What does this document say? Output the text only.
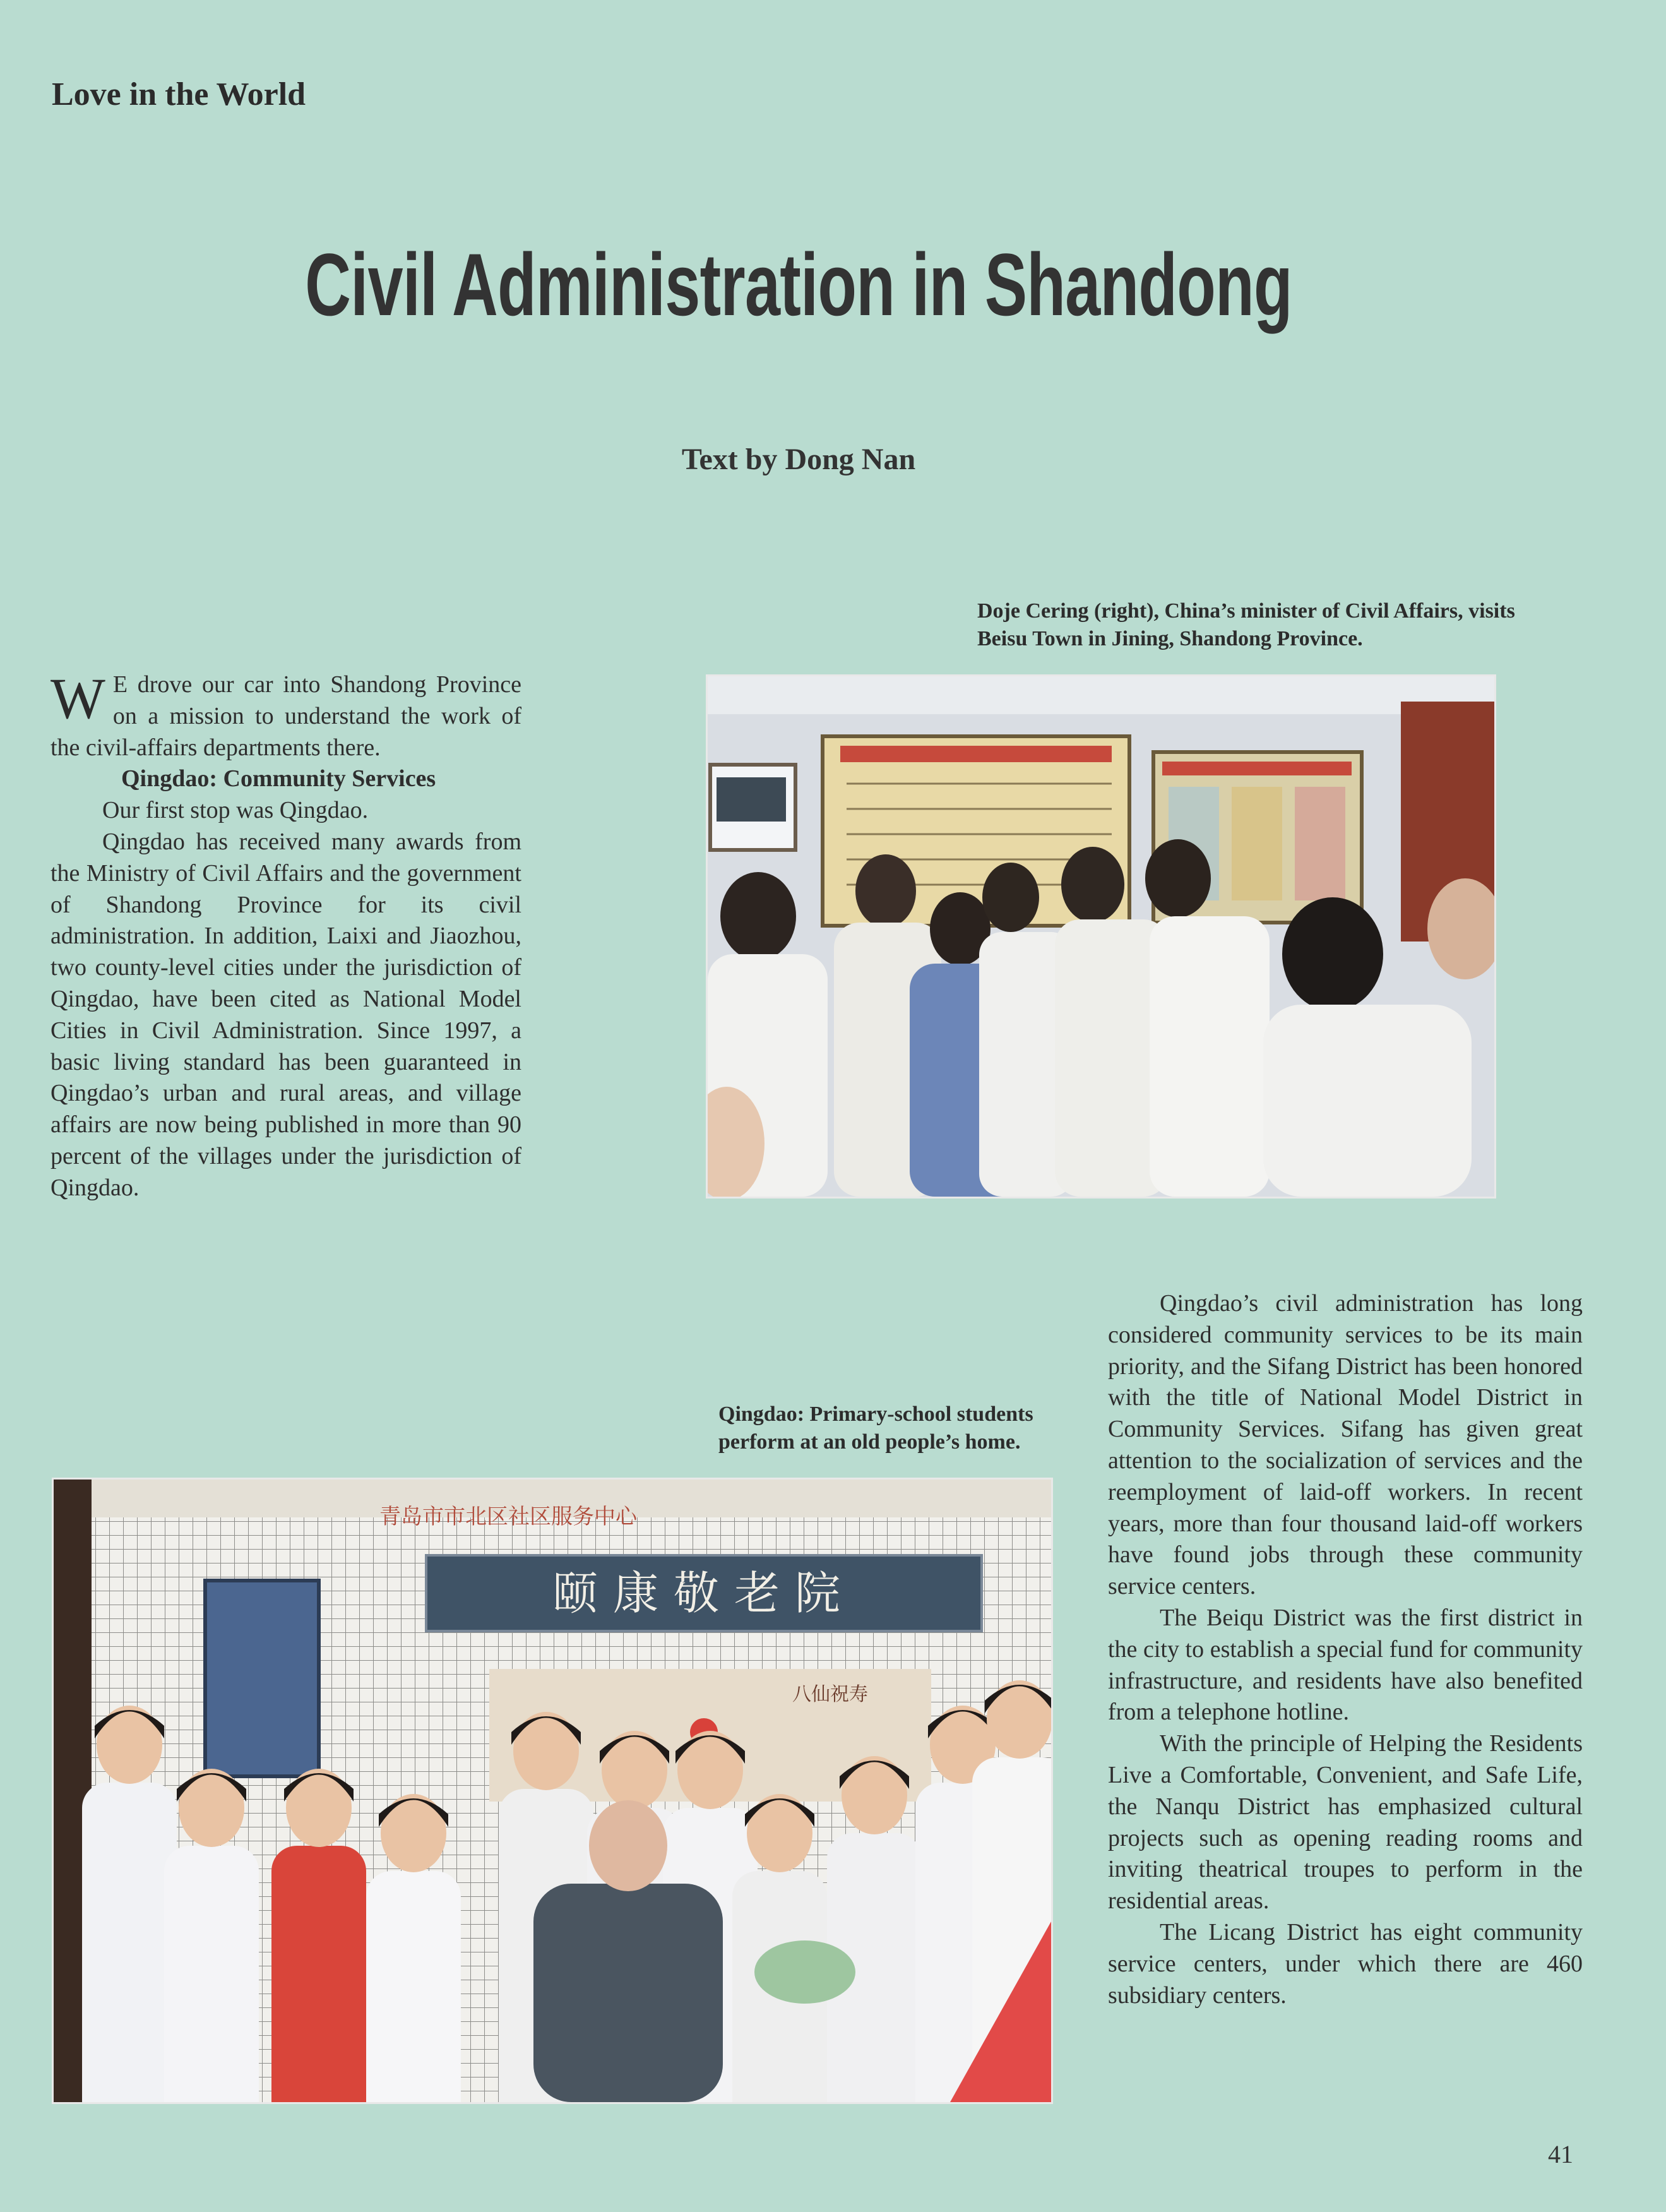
Love in the World
Civil Administration in Shandong
Text by Dong Nan
Doje Cering (right), China’s minister of Civil Affairs, visits Beisu Town in Jining, Shandong Province.

W E drove our car into Shandong Province on a mission to understand the work of the civil-affairs departments there.

Qingdao: Community Services

Our first stop was Qingdao.

Qingdao has received many awards from the Ministry of Civil Affairs and the government of Shandong Province for its civil administration. In addition, Laixi and Jiaozhou, two county-level cities under the jurisdiction of Qingdao, have been cited as National Model Cities in Civil Administration. Since 1997, a basic living standard has been guaranteed in Qingdao’s urban and rural areas, and village affairs are now being published in more than 90 percent of the villages under the jurisdiction of Qingdao.

Qingdao: Primary-school students perform at an old people’s home.
青岛市市北区社区服务中心
颐康敬老院
八仙祝寿

Qingdao’s civil administration has long considered community services to be its main priority, and the Sifang District has been honored with the title of National Model District in Community Services. Sifang has given great attention to the socialization of services and the reemployment of laid-off workers. In recent years, more than four thousand laid-off workers have found jobs through these community service centers.

The Beiqu District was the first district in the city to establish a special fund for community infrastructure, and residents have also benefited from a telephone hotline.

With the principle of Helping the Residents Live a Comfortable, Convenient, and Safe Life, the Nanqu District has emphasized cultural projects such as opening reading rooms and inviting theatrical troupes to perform in the residential areas.

The Licang District has eight community service centers, under which there are 460 subsidiary centers.

41
